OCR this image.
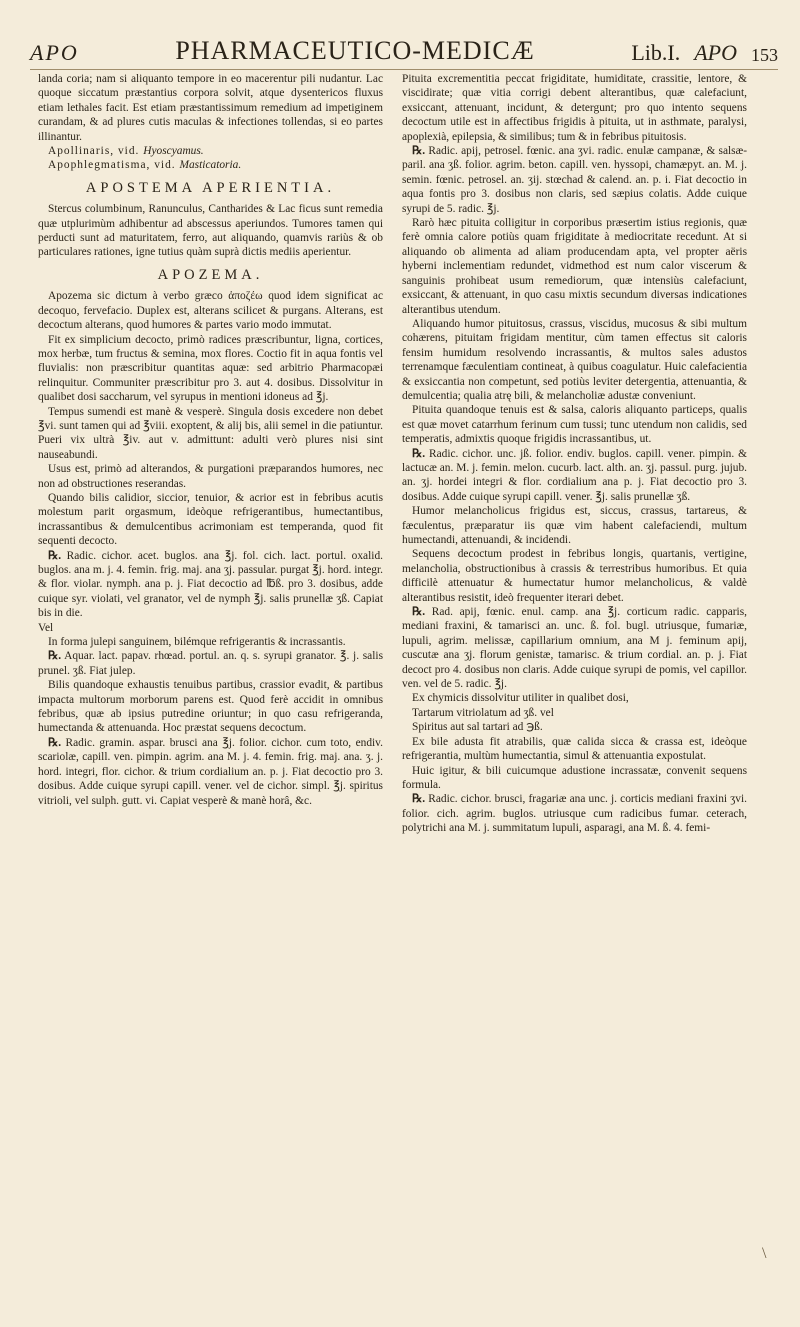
APO	PHARMACEUTICO-MEDICÆ	Lib.I. APO 153

landa coria; nam si aliquanto tempore in eo macerentur pili nudantur. Lac quoque siccatum præstantius corpora solvit, atque dysentericos fluxus etiam lethales facit. Est etiam præstantissimum remedium ad impetiginem curandam, & ad plures cutis maculas & infectiones tollendas, si eo partes illinantur.

Apollinaris, vid. Hyoscyamus.

Apophlegmatisma, vid. Masticatoria.

APOSTEMA APERIENTIA.

Stercus columbinum, Ranunculus, Cantharides & Lac ficus sunt remedia quæ utplurimùm adhibentur ad abscessus aperiundos. Tumores tamen qui perducti sunt ad maturitatem, ferro, aut aliquando, quamvis rariùs & ob particulares rationes, igne tutius quàm suprà dictis mediis aperientur.

APOZEMA.

Apozema sic dictum à verbo græco ἀποζέω quod idem significat ac decoquo, fervefacio. Duplex est, alterans scilicet & purgans. Alterans, est decoctum alterans, quod humores & partes vario modo immutat.

Fit ex simplicium decocto, primò radices præscribuntur, ligna, cortices, mox herbæ, tum fructus & semina, mox flores. Coctio fit in aqua fontis vel fluvialis: non præscribitur quantitas aquæ: sed arbitrio Pharmacopæi relinquitur. Communiter præscribitur pro 3. aut 4. dosibus. Dissolvitur in qualibet dosi saccharum, vel syrupus in mentioni idoneus ad ℥j.

Tempus sumendi est manè & vesperè. Singula dosis excedere non debet ℥vi. sunt tamen qui ad ℥viii. exoptent, & alij bis, alii semel in die patiuntur. Pueri vix ultrà ℥iv. aut v. admittunt: adulti verò plures nisi sint nauseabundi.

Usus est, primò ad alterandos, & purgationi præparandos humores, nec non ad obstructiones reserandas.

Quando bilis calidior, siccior, tenuior, & acrior est in febribus acutis molestum parit orgasmum, ideòque refrigerantibus, humectantibus, incrassantibus & demulcentibus acrimoniam est temperanda, quod fit sequenti decocto.

℞. Radic. cichor. acet. buglos. ana ℥j. fol. cich. lact. portul. oxalid. buglos. ana m. j. 4. femin. frig. maj. ana ʒj. passular. purgat ℥j. hord. integr. & flor. violar. nymph. ana p. j. Fiat decoctio ad ℔ß. pro 3. dosibus, adde cuique syr. violati, vel granator, vel de nymph ℥j. salis prunellæ ʒß. Capiat bis in die.

Vel

In forma julepi sanguinem, bilémque refrigerantis & incrassantis.

℞. Aquar. lact. papav. rhœad. portul. an. q. s. syrupi granator. ℥. j. salis prunel. ʒß. Fiat julep.

Bilis quandoque exhaustis tenuibus partibus, crassior evadit, & partibus impacta multorum morborum parens est. Quod ferè accidit in omnibus febribus, quæ ab ipsius putredine oriuntur; in quo casu refrigeranda, humectanda & attenuanda. Hoc præstat sequens decoctum.

℞. Radic. gramin. aspar. brusci ana ℥j. folior. cichor. cum toto, endiv. scariolæ, capill. ven. pimpin. agrim. ana M. j. 4. femin. frig. maj. ana. ʒ. j. hord. integri, flor. cichor. & trium cordialium an. p. j. Fiat decoctio pro 3. dosibus. Adde cuique syrupi capill. vener. vel de cichor. simpl. ℥j. spiritus vitrioli, vel sulph. gutt. vi. Capiat vesperè & manè horâ, &c.

Pituita excrementitia peccat frigiditate, humiditate, crassitie, lentore, & viscidirate; quæ vitia corrigi debent alterantibus, quæ calefaciunt, exsiccant, attenuant, incidunt, & detergunt; pro quo intento sequens decoctum utile est in affectibus frigidis à pituita, ut in asthmate, paralysi, apoplexià, epilepsia, & similibus; tum & in febribus pituitosis.

℞. Radic. apij, petrosel. fœnic. ana ʒvi. radic. enulæ campanæ, & salsæ-paril. ana ʒß. folior. agrim. beton. capill. ven. hyssopi, chamæpyt. an. M. j. semin. fœnic. petrosel. an. ʒij. stœchad & calend. an. p. i. Fiat decoctio in aqua fontis pro 3. dosibus non claris, sed sæpius colatis. Adde cuique syrupi de 5. radic. ℥j.

Rarò hæc pituita colligitur in corporibus præsertim istius regionis, quæ ferè omnia calore potiùs quam frigiditate à mediocritate recedunt. At si aliquando ob alimenta ad aliam producendam apta, vel propter aëris hyberni inclementiam redundet, vidmethod est num calor viscerum & sanguinis prohibeat usum remediorum, quæ intensiùs calefaciunt, exsiccant, & attenuant, in quo casu mixtis secundum diversas indicationes alterantibus utendum.

Aliquando humor pituitosus, crassus, viscidus, mucosus & sibi multum cohærens, pituitam frigidam mentitur, cùm tamen effectus sit caloris fensim humidum resolvendo incrassantis, & multos sales adustos terrenamque fæculentiam contineat, à quibus coagulatur. Huic calefacientia & exsiccantia non competunt, sed potiùs leviter detergentia, attenuantia, & demulcentia; qualia atrę bili, & melancholiæ adustæ conveniunt.

Pituita quandoque tenuis est & salsa, caloris aliquanto particeps, qualis est quæ movet catarrhum ferinum cum tussi; tunc utendum non calidis, sed temperatis, admixtis quoque frigidis incrassantibus, ut.

℞. Radic. cichor. unc. jß. folior. endiv. buglos. capill. vener. pimpin. & lactucæ an. M. j. femin. melon. cucurb. lact. alth. an. ʒj. passul. purg. jujub. an. ʒj. hordei integri & flor. cordialium ana p. j. Fiat decoctio pro 3. dosibus. Adde cuique syrupi capill. vener. ℥j. salis prunellæ ʒß.

Humor melancholicus frigidus est, siccus, crassus, tartareus, & fæculentus, præparatur iis quæ vim habent calefaciendi, multum humectandi, attenuandi, & incidendi.

Sequens decoctum prodest in febribus longis, quartanis, vertigine, melancholia, obstructionibus à crassis & terrestribus humoribus. Et quia difficilè attenuatur & humectatur humor melancholicus, & valdè alterantibus resistit, ideò frequenter iterari debet.

℞. Rad. apij, fœnic. enul. camp. ana ℥j. corticum radic. capparis, mediani fraxini, & tamarisci an. unc. ß. fol. bugl. utriusque, fumariæ, lupuli, agrim. melissæ, capillarium omnium, ana M j. feminum apij, cuscutæ ana ʒj. florum genistæ, tamarisc. & trium cordial. an. p. j. Fiat decoct pro 4. dosibus non claris. Adde cuique syrupi de pomis, vel capillor. ven. vel de 5. radic. ℥j.

Ex chymicis dissolvitur utiliter in qualibet dosi,

Tartarum vitriolatum ad ʒß. vel

Spiritus aut sal tartari ad ℈ß.

Ex bile adusta fit atrabilis, quæ calida sicca & crassa est, ideòque refrigerantia, multùm humectantia, simul & attenuantia expostulat.

Huic igitur, & bili cuicumque adustione incrassatæ, convenit sequens formula.

℞. Radic. cichor. brusci, fragariæ ana unc. j. corticis mediani fraxini ʒvi. folior. cich. agrim. buglos. utriusque cum radicibus fumar. ceterach, polytrichi ana M. j. summitatum lupuli, asparagi, ana M. ß. 4. femi-

\
